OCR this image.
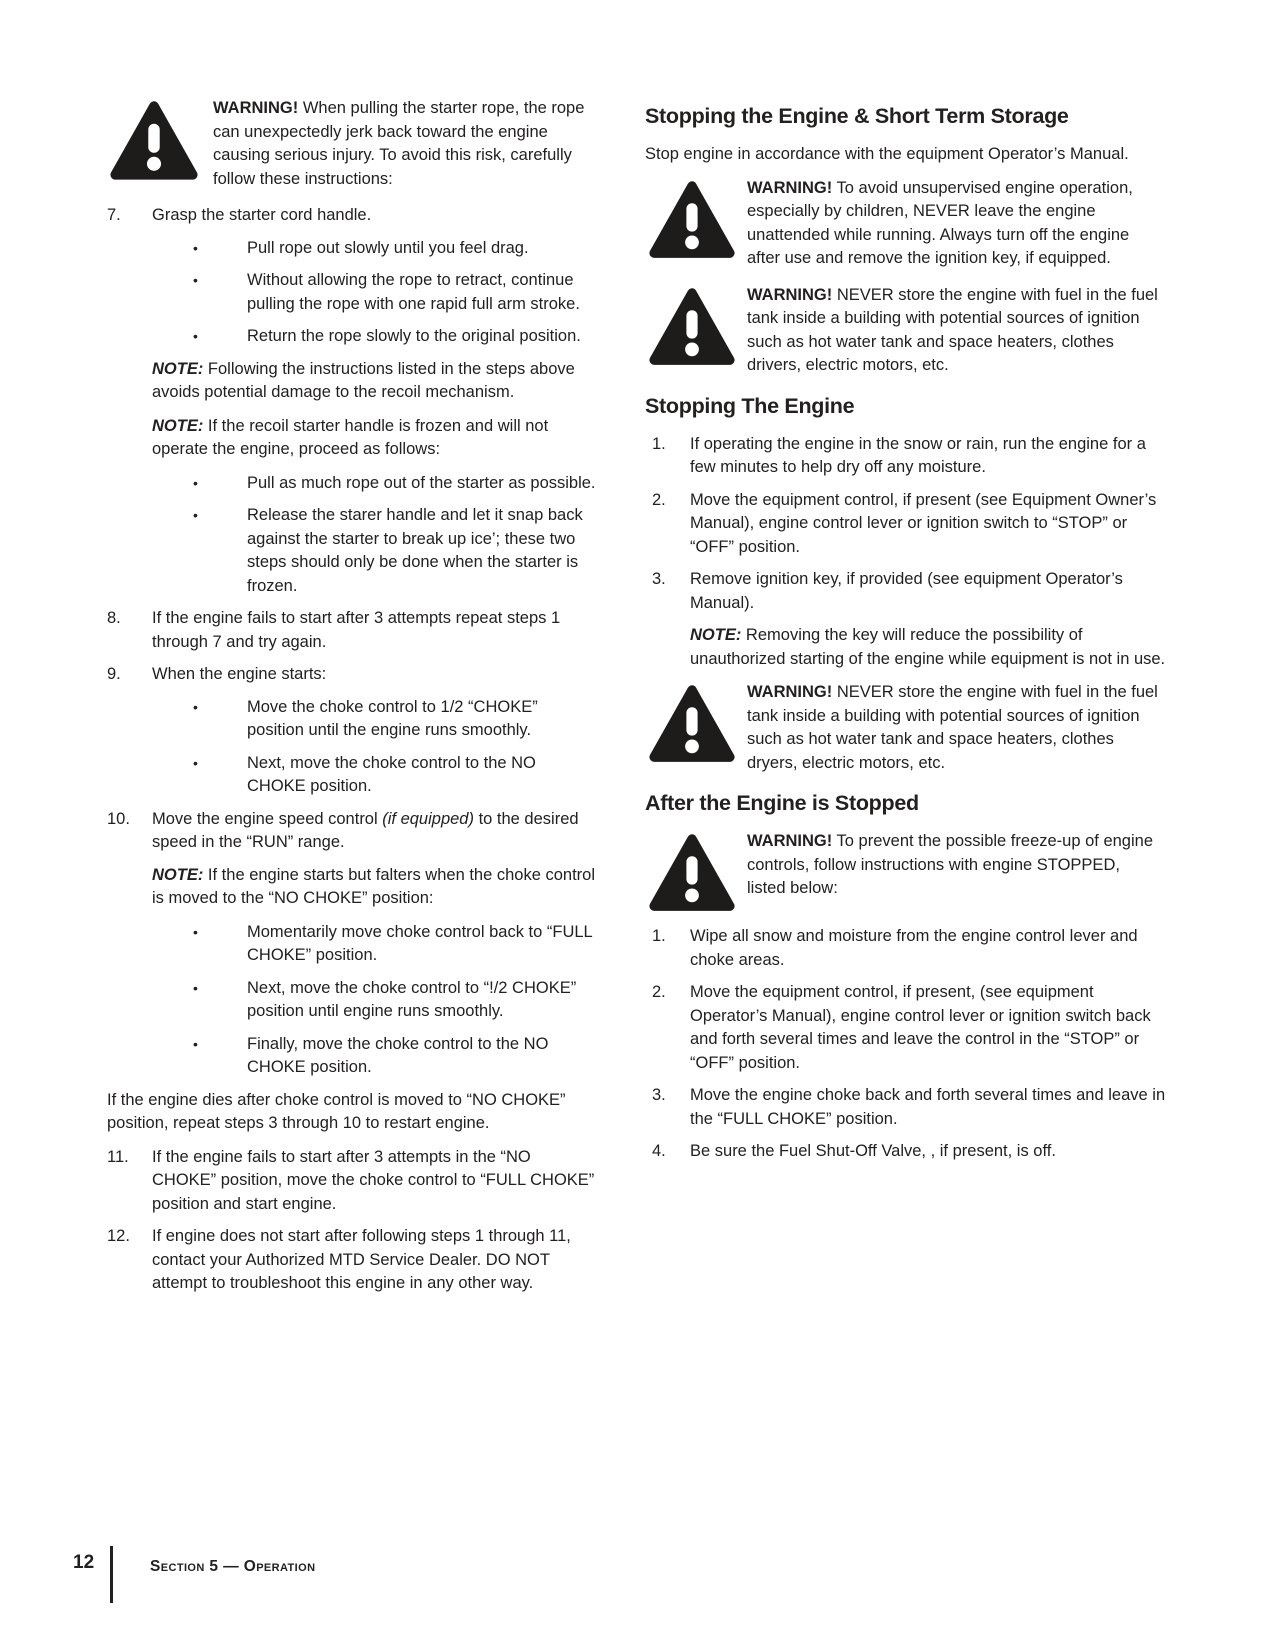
WARNING! When pulling the starter rope, the rope can unexpectedly jerk back toward the engine causing serious injury. To avoid this risk, carefully follow these instructions:
7.	Grasp the starter cord handle.
•	Pull rope out slowly until you feel drag.
•	Without allowing the rope to retract, continue pulling the rope with one rapid full arm stroke.
•	Return the rope slowly to the original position.
NOTE: Following the instructions listed in the steps above avoids potential damage to the recoil mechanism.
NOTE: If the recoil starter handle is frozen and will not operate the engine, proceed as follows:
•	Pull as much rope out of the starter as possible.
•	Release the starer handle and let it snap back against the starter to break up ice’; these two steps should only be done when the starter is frozen.
8.	If the engine fails to start after 3 attempts repeat steps 1 through 7 and try again.
9.	When the engine starts:
•	Move the choke control to 1/2 “CHOKE” position until the engine runs smoothly.
•	Next, move the choke control to the NO CHOKE position.
10.	Move the engine speed control (if equipped) to the desired speed in the “RUN” range.
NOTE: If the engine starts but falters when the choke control is moved to the “NO CHOKE” position:
•	Momentarily move choke control back to “FULL CHOKE” position.
•	Next, move the choke control to “!/2 CHOKE” position until engine runs smoothly.
•	Finally, move the choke control to the NO CHOKE position.

If the engine dies after choke control is moved to “NO CHOKE” position, repeat steps 3 through 10 to restart engine.

11.	If the engine fails to start after 3 attempts in the “NO CHOKE” position, move the choke control to “FULL CHOKE” position and start engine.
12.	If engine does not start after following steps 1 through 11, contact your Authorized MTD Service Dealer. DO NOT attempt to troubleshoot this engine in any other way.
Stopping the Engine & Short Term Storage

Stop engine in accordance with the equipment Operator’s Manual.

WARNING! To avoid unsupervised engine operation, especially by children, NEVER leave the engine unattended while running. Always turn off the engine after use and remove the ignition key, if equipped.
WARNING! NEVER store the engine with fuel in the fuel tank inside a building with potential sources of ignition such as hot water tank and space heaters, clothes drivers, electric motors, etc.
Stopping The Engine
1.	If operating the engine in the snow or rain, run the engine for a few minutes to help dry off any moisture.
2.	Move the equipment control, if present (see Equipment Owner’s Manual), engine control lever or ignition switch to “STOP” or “OFF” position.
3.	Remove ignition key, if provided (see equipment Operator’s Manual).
NOTE: Removing the key will reduce the possibility of unauthorized starting of the engine while equipment is not in use.
WARNING! NEVER store the engine with fuel in the fuel tank inside a building with potential sources of ignition such as hot water tank and space heaters, clothes dryers, electric motors, etc.
After the Engine is Stopped
WARNING! To prevent the possible freeze-up of engine controls, follow instructions with engine STOPPED, listed below:
1.	Wipe all snow and moisture from the engine control lever and choke areas.
2.	Move the equipment control, if present, (see equipment Operator’s Manual), engine control lever or ignition switch back and forth several times and leave the control in the “STOP” or “OFF” position.
3.	Move the engine choke back and forth several times and leave in the “FULL CHOKE” position.
4.	Be sure the Fuel Shut-Off Valve, , if present, is off.
12	Section 5 — Operation
